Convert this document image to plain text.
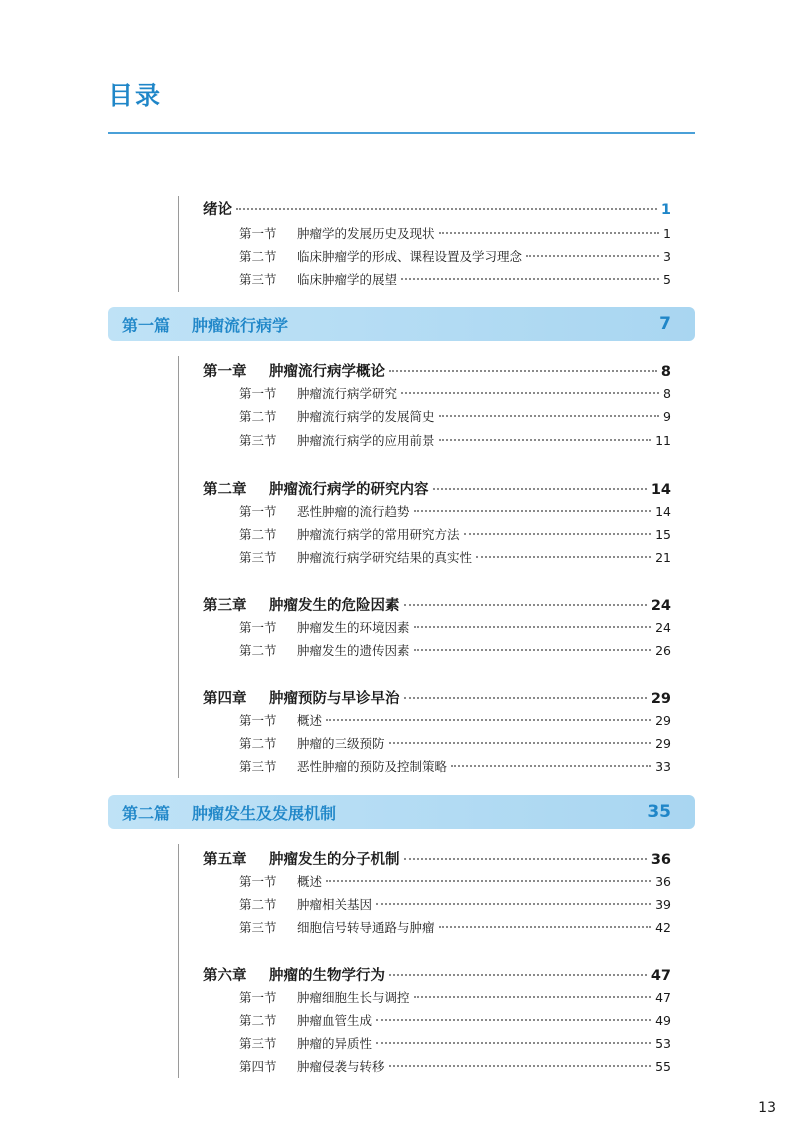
目录
绪论	1
第一节 肿瘤学的发展历史及现状	1
第二节 临床肿瘤学的形成、课程设置及学习理念	3
第三节 临床肿瘤学的展望	5
第一篇 肿瘤流行病学	7
第一章 肿瘤流行病学概论	8
第一节 肿瘤流行病学研究	8
第二节 肿瘤流行病学的发展简史	9
第三节 肿瘤流行病学的应用前景	11
第二章 肿瘤流行病学的研究内容	14
第一节 恶性肿瘤的流行趋势	14
第二节 肿瘤流行病学的常用研究方法	15
第三节 肿瘤流行病学研究结果的真实性	21
第三章 肿瘤发生的危险因素	24
第一节 肿瘤发生的环境因素	24
第二节 肿瘤发生的遗传因素	26
第四章 肿瘤预防与早诊早治	29
第一节 概述	29
第二节 肿瘤的三级预防	29
第三节 恶性肿瘤的预防及控制策略	33
第二篇 肿瘤发生及发展机制	35
第五章 肿瘤发生的分子机制	36
第一节 概述	36
第二节 肿瘤相关基因	39
第三节 细胞信号转导通路与肿瘤	42
第六章 肿瘤的生物学行为	47
第一节 肿瘤细胞生长与调控	47
第二节 肿瘤血管生成	49
第三节 肿瘤的异质性	53
第四节 肿瘤侵袭与转移	55
13
